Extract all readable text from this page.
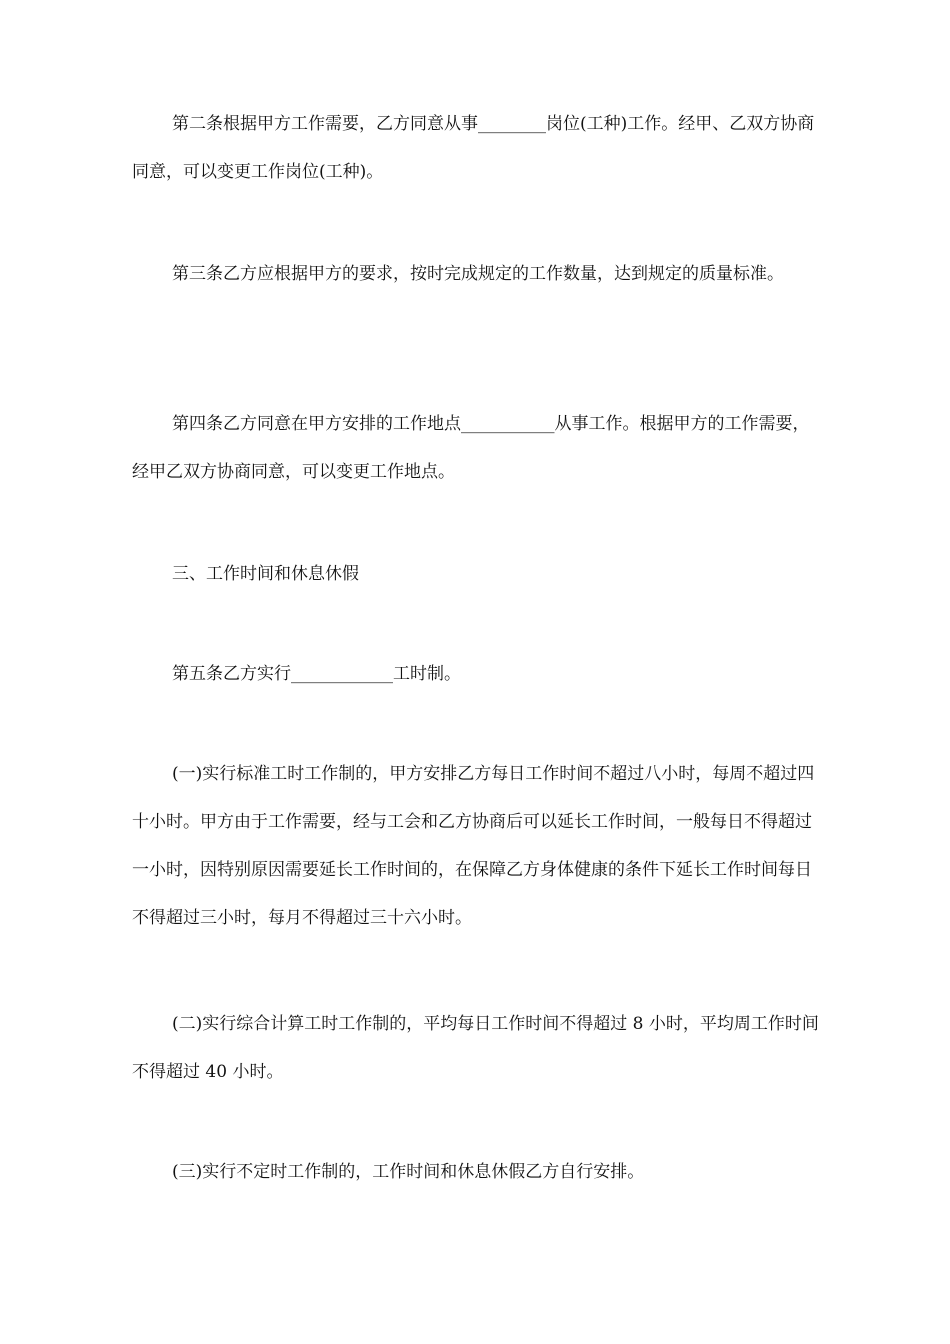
第二条根据甲方工作需要，乙方同意从事________岗位(工种)工作。经甲、乙双方协商同意，可以变更工作岗位(工种)。

第三条乙方应根据甲方的要求，按时完成规定的工作数量，达到规定的质量标准。

第四条乙方同意在甲方安排的工作地点___________从事工作。根据甲方的工作需要，经甲乙双方协商同意，可以变更工作地点。

三、工作时间和休息休假

第五条乙方实行____________工时制。

(一)实行标准工时工作制的，甲方安排乙方每日工作时间不超过八小时，每周不超过四十小时。甲方由于工作需要，经与工会和乙方协商后可以延长工作时间，一般每日不得超过一小时，因特别原因需要延长工作时间的，在保障乙方身体健康的条件下延长工作时间每日不得超过三小时，每月不得超过三十六小时。

(二)实行综合计算工时工作制的，平均每日工作时间不得超过 8 小时，平均周工作时间不得超过 40 小时。

(三)实行不定时工作制的，工作时间和休息休假乙方自行安排。
